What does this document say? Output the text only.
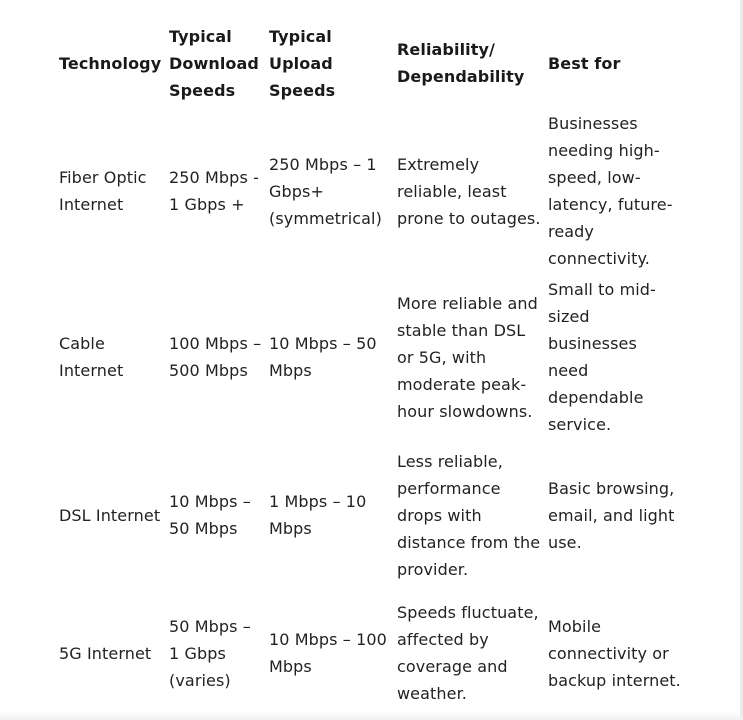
Technology	Typical Download Speeds	Typical Upload Speeds	Reliability/ Dependability	Best for
Fiber Optic Internet	250 Mbps - 1 Gbps +	250 Mbps – 1 Gbps+ (symmetrical)	Extremely reliable, least prone to outages.	Businesses needing high-speed, low-latency, future-ready connectivity.
Cable Internet	100 Mbps – 500 Mbps	10 Mbps – 50 Mbps	More reliable and stable than DSL or 5G, with moderate peak-hour slowdowns.	Small to mid-sized businesses need dependable service.
DSL Internet	10 Mbps – 50 Mbps	1 Mbps – 10 Mbps	Less reliable, performance drops with distance from the provider.	Basic browsing, email, and light use.
5G Internet	50 Mbps – 1 Gbps (varies)	10 Mbps – 100 Mbps	Speeds fluctuate, affected by coverage and weather.	Mobile connectivity or backup internet.
